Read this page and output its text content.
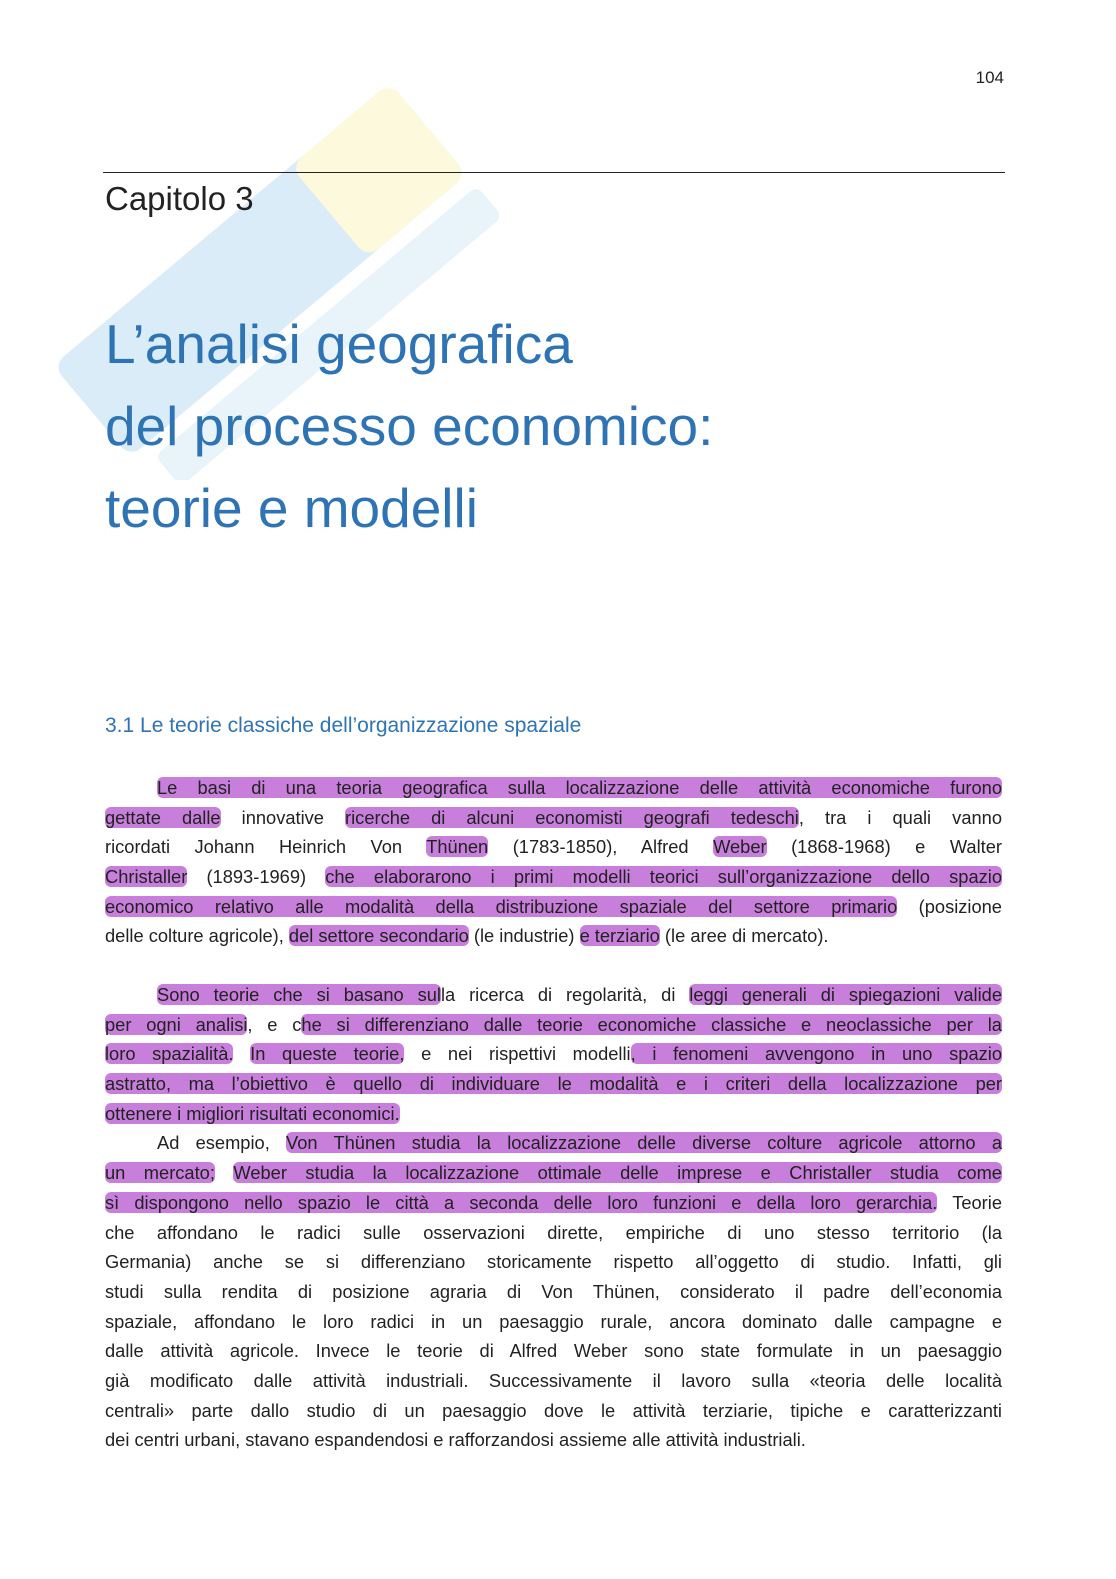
104
Capitolo 3
L’analisi geografica
del processo economico:
teorie e modelli
3.1 Le teorie classiche dell’organizzazione spaziale
Le basi di una teoria geografica sulla localizzazione delle attività economiche furono
gettate dalle innovative ricerche di alcuni economisti geografi tedeschi, tra i quali vanno
ricordati Johann Heinrich Von Thünen (1783-1850), Alfred Weber (1868-1968) e Walter
Christaller (1893-1969) che elaborarono i primi modelli teorici sull’organizzazione dello spazio
economico relativo alle modalità della distribuzione spaziale del settore primario (posizione
delle colture agricole), del settore secondario (le industrie) e terziario (le aree di mercato).
Sono teorie che si basano sulla ricerca di regolarità, di leggi generali di spiegazioni valide
per ogni analisi, e che si differenziano dalle teorie economiche classiche e neoclassiche per la
loro spazialità. In queste teorie, e nei rispettivi modelli, i fenomeni avvengono in uno spazio
astratto, ma l’obiettivo è quello di individuare le modalità e i criteri della localizzazione per
ottenere i migliori risultati economici.
Ad esempio, Von Thünen studia la localizzazione delle diverse colture agricole attorno a
un mercato; Weber studia la localizzazione ottimale delle imprese e Christaller studia come
sì dispongono nello spazio le città a seconda delle loro funzioni e della loro gerarchia. Teorie
che affondano le radici sulle osservazioni dirette, empiriche di uno stesso territorio (la
Germania) anche se si differenziano storicamente rispetto all’oggetto di studio. Infatti, gli
studi sulla rendita di posizione agraria di Von Thünen, considerato il padre dell’economia
spaziale, affondano le loro radici in un paesaggio rurale, ancora dominato dalle campagne e
dalle attività agricole. Invece le teorie di Alfred Weber sono state formulate in un paesaggio
già modificato dalle attività industriali. Successivamente il lavoro sulla «teoria delle località
centrali» parte dallo studio di un paesaggio dove le attività terziarie, tipiche e caratterizzanti
dei centri urbani, stavano espandendosi e rafforzandosi assieme alle attività industriali.
